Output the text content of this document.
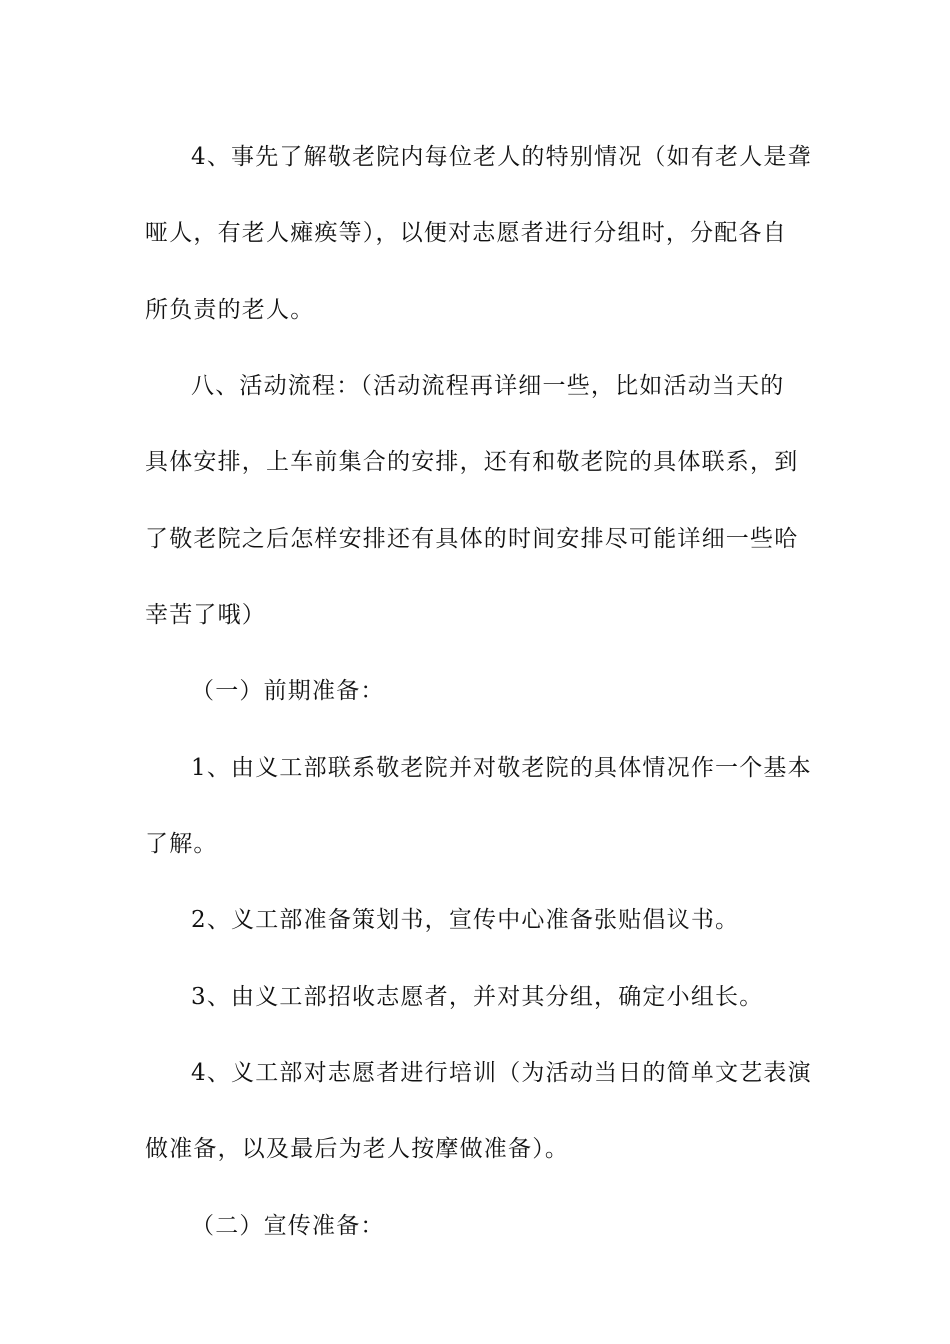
4、事先了解敬老院内每位老人的特别情况（如有老人是聋
哑人，有老人瘫痪等），以便对志愿者进行分组时，分配各自
所负责的老人。
八、活动流程：（活动流程再详细一些，比如活动当天的
具体安排，上车前集合的安排，还有和敬老院的具体联系，到
了敬老院之后怎样安排还有具体的时间安排尽可能详细一些哈
幸苦了哦）
（一）前期准备：
1、由义工部联系敬老院并对敬老院的具体情况作一个基本
了解。
2、义工部准备策划书，宣传中心准备张贴倡议书。
3、由义工部招收志愿者，并对其分组，确定小组长。
4、义工部对志愿者进行培训（为活动当日的简单文艺表演
做准备，以及最后为老人按摩做准备）。
（二）宣传准备：
